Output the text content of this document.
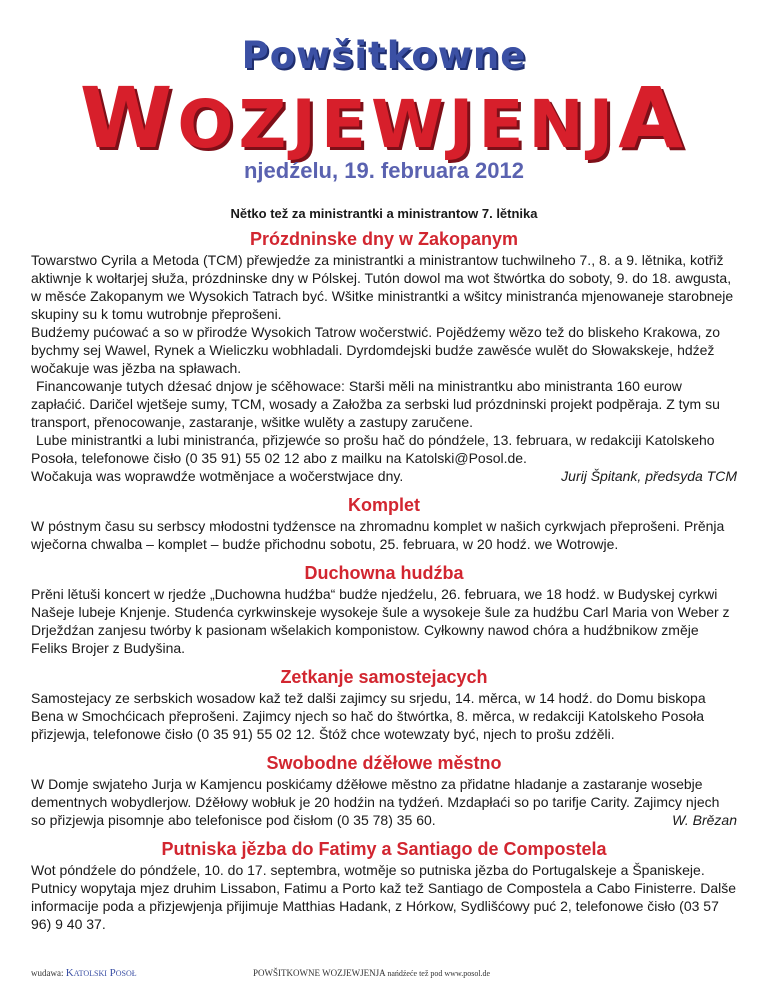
Powšitkowne
WOZJEWJENJA
njedźelu, 19. februara 2012
Nětko tež za ministrantki a ministrantow 7. lětnika
Prózdninske dny w Zakopanym

Towarstwo Cyrila a Metoda (TCM) přewjedźe za ministrantki a ministrantow tuchwilneho 7., 8. a 9. lětnika, kotřiž aktiwnje k wołtarjej słuža, prózdninske dny w Pólskej. Tutón dowol ma wot štwórtka do soboty, 9. do 18. awgusta, w měsće Zakopanym we Wysokich Tatrach być. Wšitke ministrantki a wšitcy ministranća mjenowaneje starobneje skupiny su k tomu wutrobnje přeprošeni.

Budźemy pućować a so w přirodźe Wysokich Tatrow wočerstwić. Pojědźemy wězo tež do bliskeho Krakowa, zo bychmy sej Wawel, Rynek a Wieliczku wobhladali. Dyrdomdejski budźe zawěsće wulět do Słowakskeje, hdźež wočakuje was jězba na spławach.

Financowanje tutych dźesać dnjow je sćěhowace: Starši měli na ministrantku abo ministranta 160 eurow zapłaćić. Daričel wjetšeje sumy, TCM, wosady a Załožba za serbski lud prózdninski projekt podpěraja. Z tym su transport, přenocowanje, zastaranje, wšitke wulěty a zastupy zaručene.

Lube ministrantki a lubi ministranća, přizjewće so prošu hač do póndźele, 13. februara, w redakciji Katolskeho Posoła, telefonowe čisło (0 35 91) 55 02 12 abo z mailku na Katolski@Posol.de.

Wočakuja was woprawdźe wotměnjace a wočerstwjace dny.	Jurij Špitank, předsyda TCM

Komplet

W póstnym času su serbscy młodostni tydźensce na zhromadnu komplet w našich cyrkwjach přeprošeni. Prěnja wječorna chwalba – komplet – budźe přichodnu sobotu, 25. februara, w 20 hodź. we Wotrowje.

Duchowna hudźba

Prěni lětuši koncert w rjedźe „Duchowna hudźba“ budźe njedźelu, 26. februara, we 18 hodź. w Budyskej cyrkwi Našeje lubeje Knjenje. Studenća cyrkwinskeje wysokeje šule a wysokeje šule za hudźbu Carl Maria von Weber z Drježdźan zanjesu twórby k pasionam wšelakich komponistow. Cyłkowny nawod chóra a hudźbnikow změje Feliks Brojer z Budyšina.

Zetkanje samostejacych

Samostejacy ze serbskich wosadow kaž tež dalši zajimcy su srjedu, 14. měrca, w 14 hodź. do Domu biskopa Bena w Smochćicach přeprošeni. Zajimcy njech so hač do štwórtka, 8. měrca, w redakciji Katolskeho Posoła přizjewja, telefonowe čisło (0 35 91) 55 02 12. Štóž chce wotewzaty być, njech to prošu zdźěli.

Swobodne dźěłowe městno

W Domje swjateho Jurja w Kamjencu poskićamy dźěłowe městno za přidatne hladanje a zastaranje wosebje dementnych wobydlerjow. Dźěłowy wobłuk je 20 hodźin na tydźeń. Mzdapłaći so po tarifje Carity. Zajimcy njech so přizjewja pisomnje abo telefonisce pod čisłom (0 35 78) 35 60.	W. Brězan

Putniska jězba do Fatimy a Santiago de Compostela

Wot póndźele do póndźele, 10. do 17. septembra, wotměje so putniska jězba do Portugalskeje a Španiskeje. Putnicy wopytaja mjez druhim Lissabon, Fatimu a Porto kaž tež Santiago de Compostela a Cabo Finisterre. Dalše informacije poda a přizjewjenja přijimuje Matthias Hadank, z Hórkow, Sydlišćowy puć 2, telefonowe čisło (03 57 96) 9 40 37.

wudawa: Katolski Posoł	POWŠITKOWNE WOZJEWJENJA nańdźeće tež pod www.posol.de
